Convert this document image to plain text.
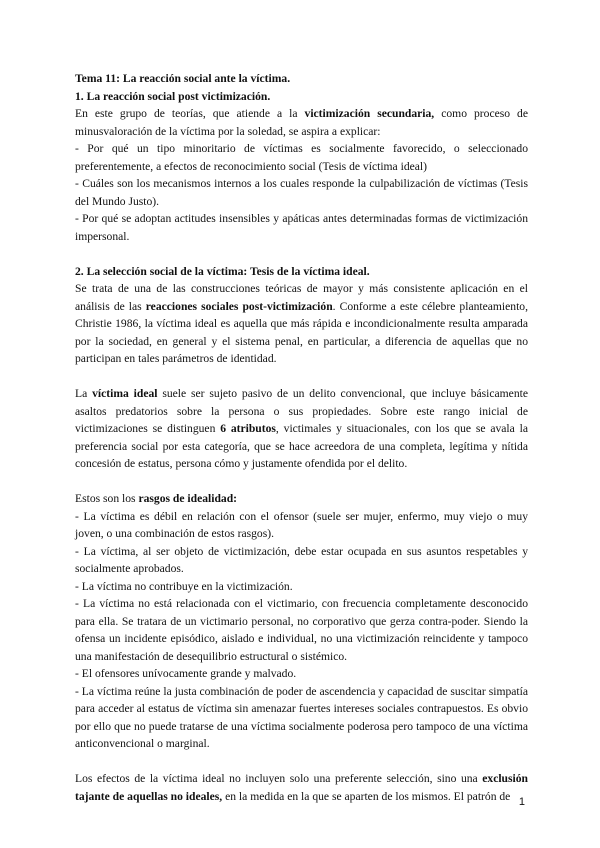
Tema 11: La reacción social ante la víctima.

1. La reacción social post victimización.

En este grupo de teorías, que atiende a la victimización secundaria, como proceso de minusvaloración de la víctima por la soledad, se aspira a explicar:

- Por qué un tipo minoritario de víctimas es socialmente favorecido, o seleccionado preferentemente, a efectos de reconocimiento social (Tesis de víctima ideal)

- Cuáles son los mecanismos internos a los cuales responde la culpabilización de víctimas (Tesis del Mundo Justo).

- Por qué se adoptan actitudes insensibles y apáticas antes determinadas formas de victimización impersonal.

2. La selección social de la víctima: Tesis de la víctima ideal.

Se trata de una de las construcciones teóricas de mayor y más consistente aplicación en el análisis de las reacciones sociales post-victimización. Conforme a este célebre planteamiento, Christie 1986, la víctima ideal es aquella que más rápida e incondicionalmente resulta amparada por la sociedad, en general y el sistema penal, en particular, a diferencia de aquellas que no participan en tales parámetros de identidad.

La víctima ideal suele ser sujeto pasivo de un delito convencional, que incluye básicamente asaltos predatorios sobre la persona o sus propiedades. Sobre este rango inicial de victimizaciones se distinguen 6 atributos, victimales y situacionales, con los que se avala la preferencia social por esta categoría, que se hace acreedora de una completa, legítima y nítida concesión de estatus, persona cómo y justamente ofendida por el delito.

Estos son los rasgos de idealidad:

- La víctima es débil en relación con el ofensor (suele ser mujer, enfermo, muy viejo o muy joven, o una combinación de estos rasgos).

- La víctima, al ser objeto de victimización, debe estar ocupada en sus asuntos respetables y socialmente aprobados.

- La víctima no contribuye en la victimización.

- La víctima no está relacionada con el victimario, con frecuencia completamente desconocido para ella. Se tratara de un victimario personal, no corporativo que gerza contra-poder. Siendo la ofensa un incidente episódico, aislado e individual, no una victimización reincidente y tampoco una manifestación de desequilibrio estructural o sistémico.

- El ofensores unívocamente grande y malvado.

- La víctima reúne la justa combinación de poder de ascendencia y capacidad de suscitar simpatía para acceder al estatus de víctima sin amenazar fuertes intereses sociales contrapuestos. Es obvio por ello que no puede tratarse de una víctima socialmente poderosa pero tampoco de una víctima anticonvencional o marginal.

Los efectos de la víctima ideal no incluyen solo una preferente selección, sino una exclusión tajante de aquellas no ideales, en la medida en la que se aparten de los mismos. El patrón de 1
